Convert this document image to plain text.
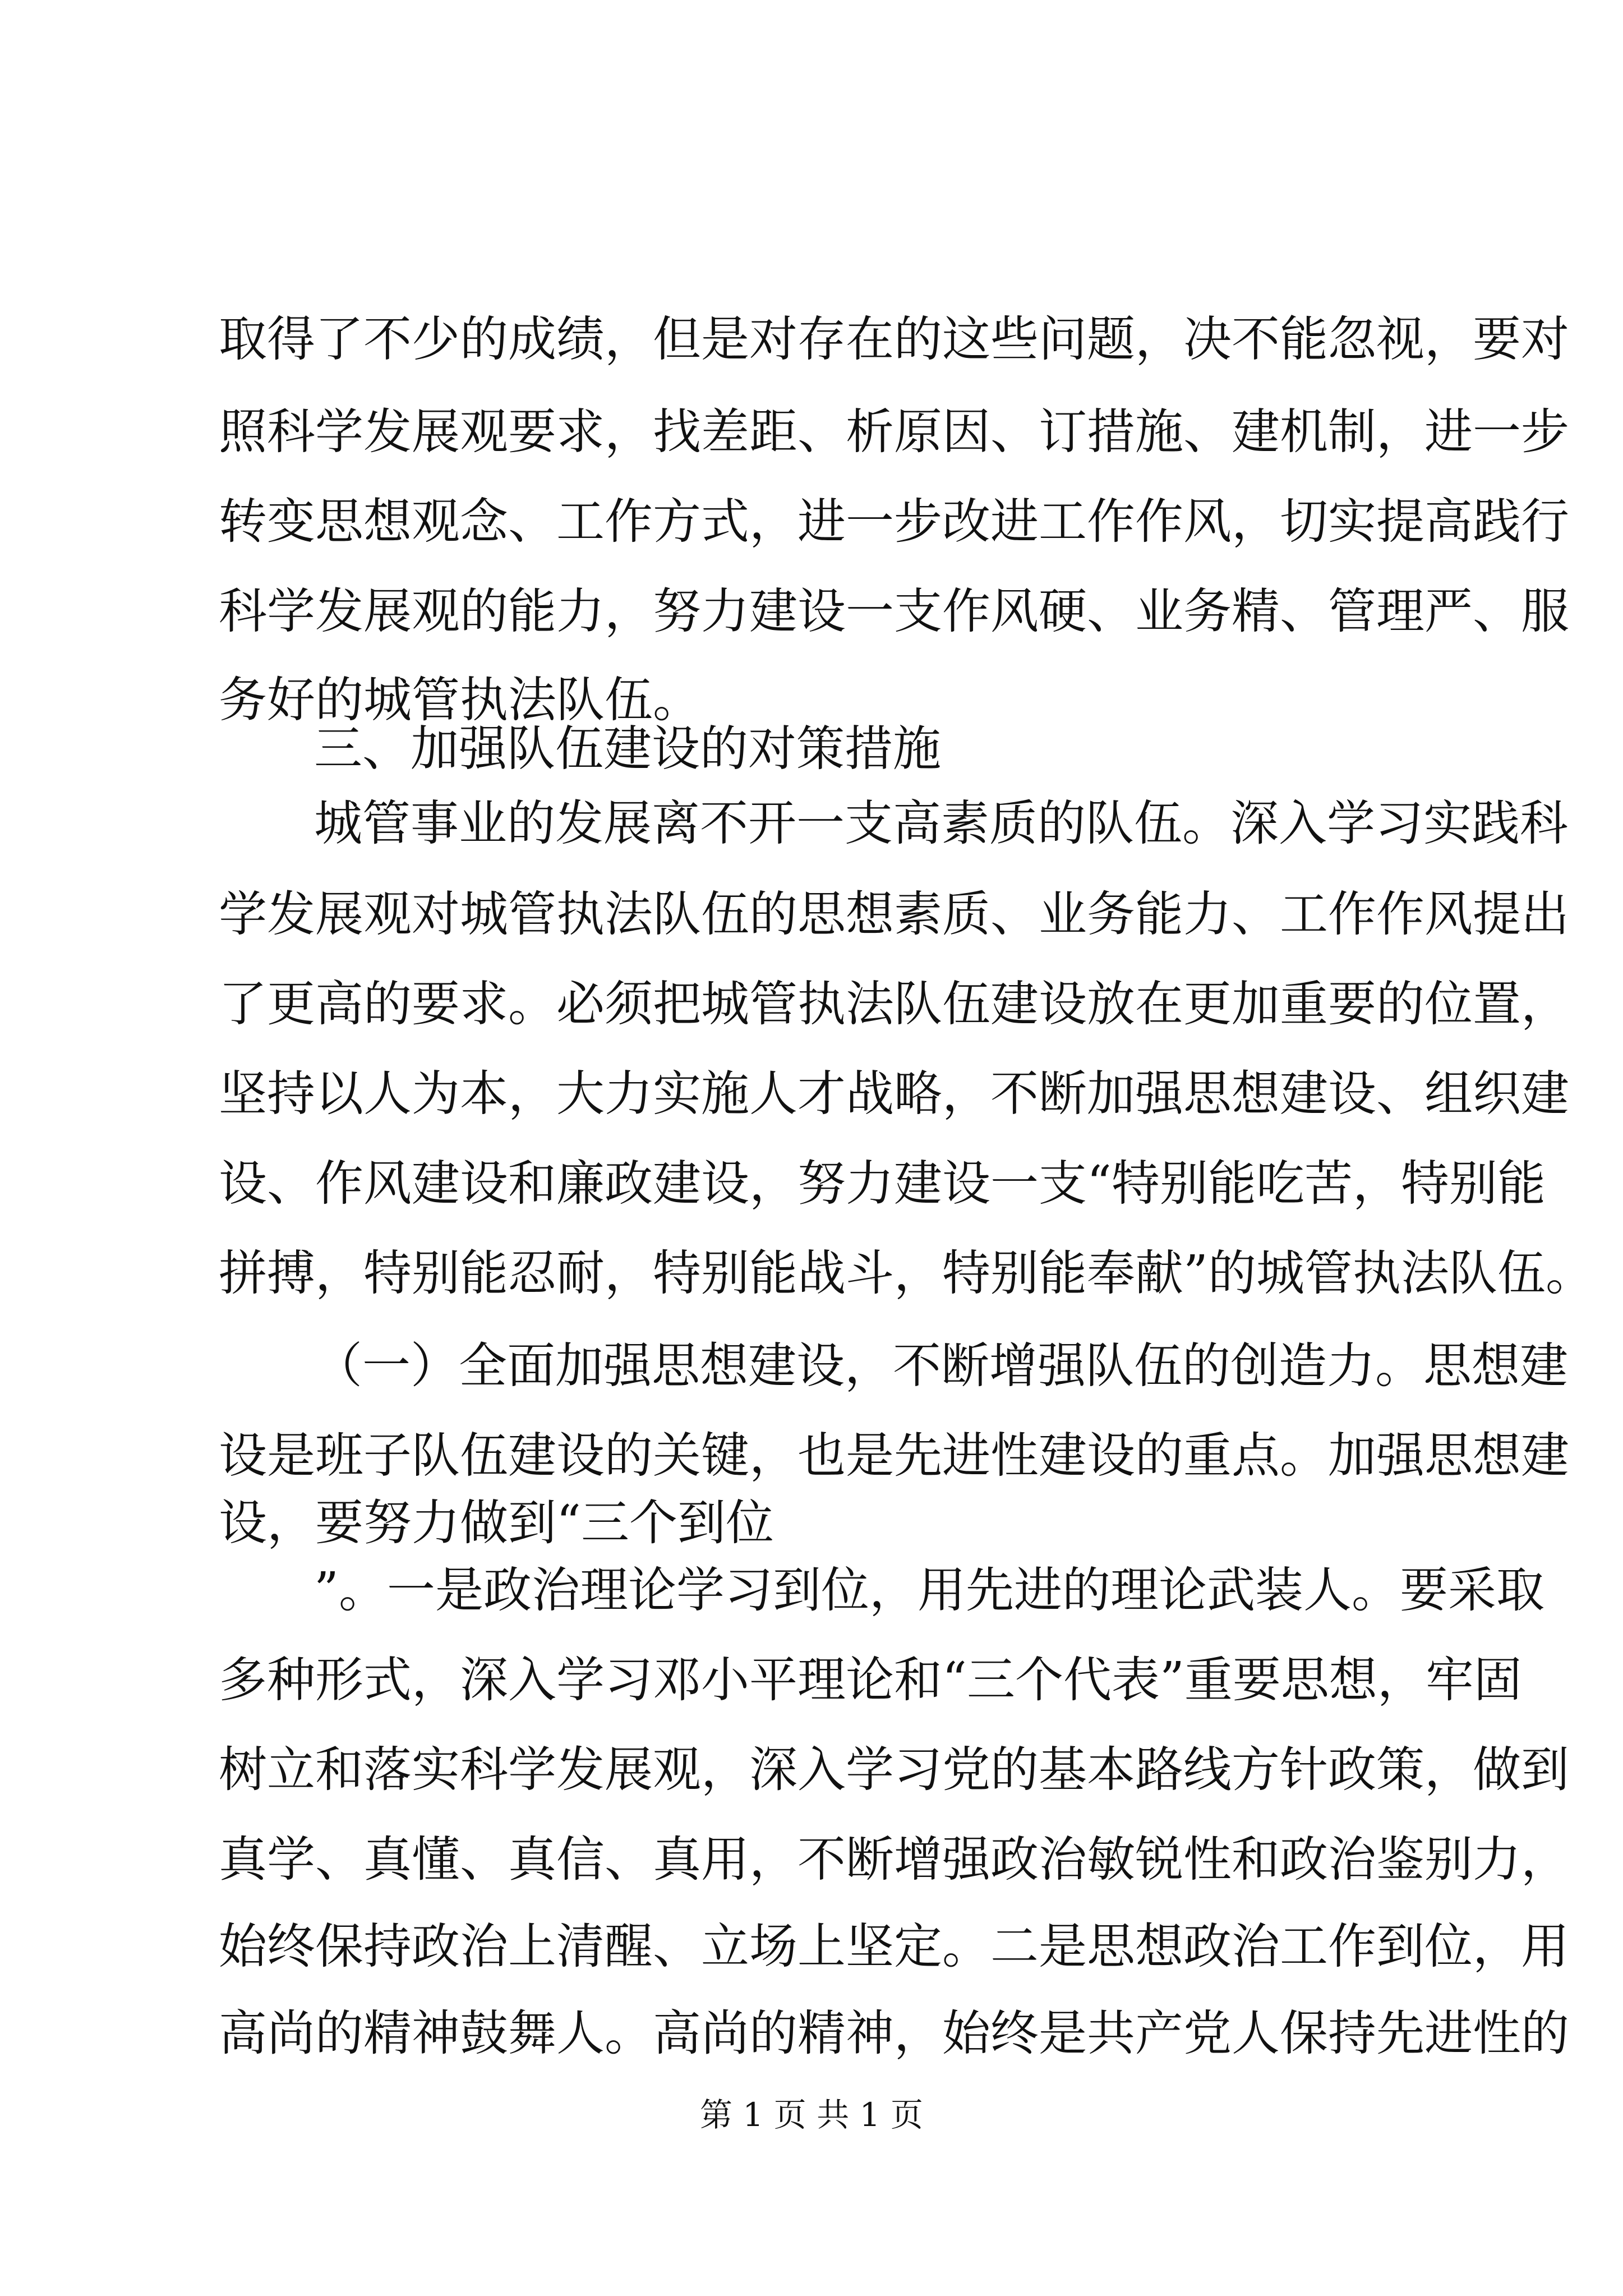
取得了不少的成绩，但是对存在的这些问题，决不能忽视，要对
照科学发展观要求，找差距、析原因、订措施、建机制，进一步
转变思想观念、工作方式，进一步改进工作作风，切实提高践行
科学发展观的能力，努力建设一支作风硬、业务精、管理严、服
务好的城管执法队伍。
三、加强队伍建设的对策措施
城管事业的发展离不开一支高素质的队伍。深入学习实践科
学发展观对城管执法队伍的思想素质、业务能力、工作作风提出
了更高的要求。必须把城管执法队伍建设放在更加重要的位置，
坚持以人为本，大力实施人才战略，不断加强思想建设、组织建
设、作风建设和廉政建设，努力建设一支“特别能吃苦，特别能
拼搏，特别能忍耐，特别能战斗，特别能奉献”的城管执法队伍。
（一）全面加强思想建设，不断增强队伍的创造力。思想建
设是班子队伍建设的关键，也是先进性建设的重点。加强思想建
设，要努力做到“三个到位
”。一是政治理论学习到位，用先进的理论武装人。要采取
多种形式，深入学习邓小平理论和“三个代表”重要思想，牢固
树立和落实科学发展观，深入学习党的基本路线方针政策，做到
真学、真懂、真信、真用，不断增强政治敏锐性和政治鉴别力，
始终保持政治上清醒、立场上坚定。二是思想政治工作到位，用
高尚的精神鼓舞人。高尚的精神，始终是共产党人保持先进性的
第 1 页 共 1 页
